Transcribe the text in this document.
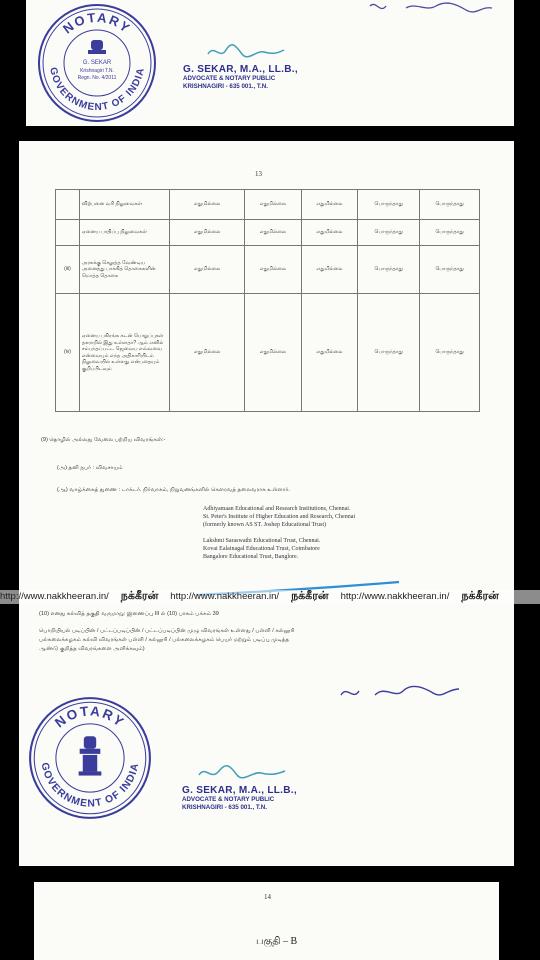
NOTARY
GOVERNMENT OF INDIA
G. SEKAR
Krishnagiri T.N.
Regn. No. 4/2011
G. SEKAR, M.A., LL.B.,
ADVOCATE & NOTARY PUBLIC
KRISHNAGIRI - 635 001., T.N.
13
	விற்பனை வரி நிலுவைகள்	எதுமில்லை	எதுமில்லை	எதுமில்லை	பொருந்தாது	பொருந்தாது
	ஏனைய பாதிப்பு நிலுவைகள்	எதுமில்லை	எதுமில்லை	எதுமில்லை	பொருந்தாது	பொருந்தாது
(iii)	அரசுக்கு செலுத்த வேண்டிய அனைத்து பாக்கித் தொகைகளின் மொத்த தொகை	எதுமில்லை	எதுமில்லை	எதுமில்லை	பொருந்தாது	பொருந்தாது
(iv)	ஏனைய பகிரங்க கடன் பொறுப்புகள் தகராறில் இது உள்ளதா? ஆம் எனில் சம்பந்தப்பட்ட ஜெவைய எவ்வவை என்வையும் எந்த அதிகாரியிடம் நிலுவையில் உள்ளது என்பதையும் குறிப்பிடவும்	எதுமில்லை	எதுமில்லை	எதுமில்லை	பொருந்தாது	பொருந்தாது
(9) தொழில் அல்லது வேலை பற்றிய விவரங்கள்:-
(அ) தனி நபர் : விவசாயம்
(ஆ) வாழ்க்கைத் துணை : டாக்டர். நிர்வாகம், நிறுவனங்களில் கௌரவத் தலைவராக உள்ளார்.
Adhiyamaan Educational and Research Institutions, Chennai.
St. Peter's Institute of Higher Education and Research, Chennai
(formerly known AS ST. Joshep Educational Trust)
Lakshmi Saraswathi Educational Trust, Chennai.
Kovai Ealainagal Educational Trust, Coimbatore
Bangalore Educational Trust, Banglore.
(10) எனது கல்வித் தகுதி வருமாறு: இணைப்பு III ல் (10) பாகம் பக்கம் 39
பொறியியல் படிப்பின் / பட்டப்படிப்பின் / பட்டப்படிப்பின் முழு விவரங்கள் உள்ளது / பள்ளி / கல்லூரி
பல்கலைக்கழகம் கல்வி விவரங்கள் பள்ளி / கல்லூரி / பல்கலைக்கழகம் பெயர் மற்றும் படிப்பு முடித்த
ஆண்டு குறித்த விவரங்களை அளிக்கவும்)
NOTARY
GOVERNMENT OF INDIA
G. SEKAR, M.A., LL.B.,
ADVOCATE & NOTARY PUBLIC
KRISHNAGIRI - 635 001., T.N.
http://www.nakkheeran.in/ நக்கீரன் http://www.nakkheeran.in/ நக்கீரன் http://www.nakkheeran.in/ நக்கீரன்
14
பகுதி – B
